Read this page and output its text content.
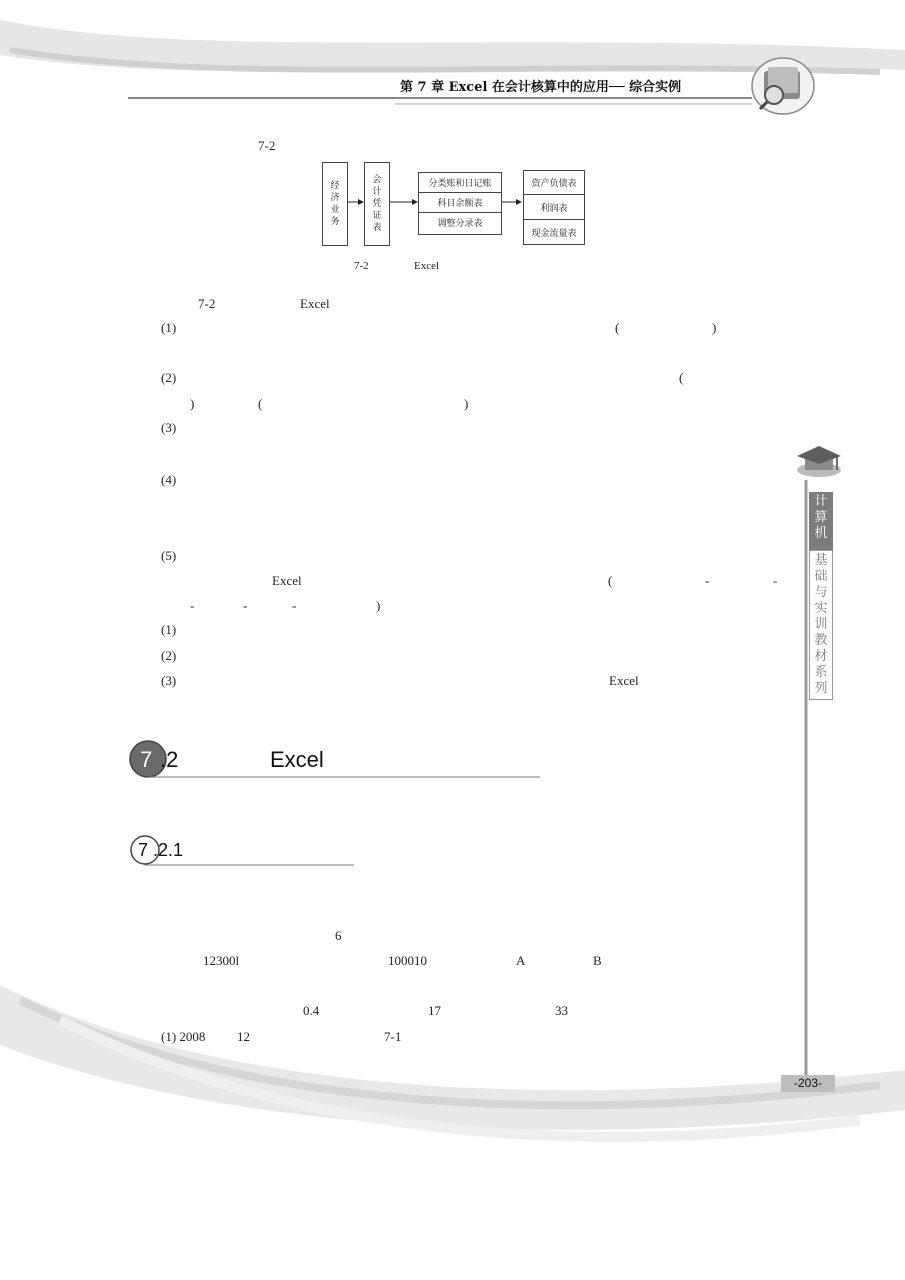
第 7 章 Excel 在会计核算中的应用── 综合实例
7-2
经
济
业
务
会
计
凭
证
表
分类账和日记账
科目余额表
调整分录表
资产负债表
利润表
现金流量表
7-2	Excel
7-2	Excel
(1)	(	)
(2)	(
)	(	)
(3)
(4)
(5)
Excel	(	-	-
-	-	-	)
(1)
(2)
(3)	Excel
7 .2	Excel
7 .2.1
6
12300l	100010	A	B
0.4	17	33
(1) 2008 12	7-1
计
算
机
基
础
与
实
训
教
材
系
列
-203-
